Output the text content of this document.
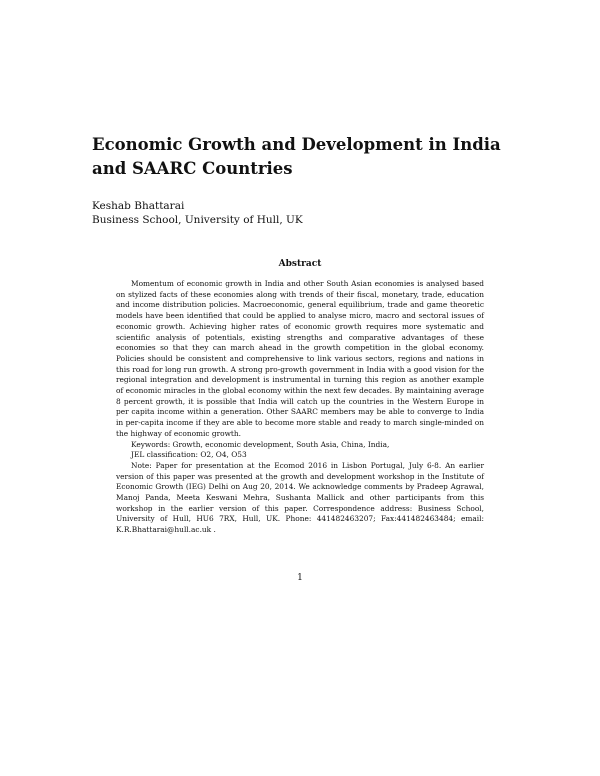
Economic Growth and Development in India and SAARC Countries
Keshab Bhattarai
Business School, University of Hull, UK
Abstract

Momentum of economic growth in India and other South Asian economies is analysed based on stylized facts of these economies along with trends of their fiscal, monetary, trade, education and income distribution policies. Macroeconomic, general equilibrium, trade and game theoretic models have been identified that could be applied to analyse micro, macro and sectoral issues of economic growth. Achieving higher rates of economic growth requires more systematic and scientific analysis of potentials, existing strengths and comparative advantages of these economies so that they can march ahead in the growth competition in the global economy. Policies should be consistent and comprehensive to link various sectors, regions and nations in this road for long run growth. A strong pro-growth government in India with a good vision for the regional integration and development is instrumental in turning this region as another example of economic miracles in the global economy within the next few decades. By maintaining average 8 percent growth, it is possible that India will catch up the countries in the Western Europe in per capita income within a generation. Other SAARC members may be able to converge to India in per-capita income if they are able to become more stable and ready to march single-minded on the highway of economic growth.

Keywords: Growth, economic development, South Asia, China, India,

JEL classification: O2, O4, O53

Note: Paper for presentation at the Ecomod 2016 in Lisbon Portugal, July 6-8. An earlier version of this paper was presented at the growth and development workshop in the Institute of Economic Growth (IEG) Delhi on Aug 20, 2014. We acknowledge comments by Pradeep Agrawal, Manoj Panda, Meeta Keswani Mehra, Sushanta Mallick and other participants from this workshop in the earlier version of this paper. Correspondence address: Business School, University of Hull, HU6 7RX, Hull, UK. Phone: 441482463207; Fax:441482463484; email: K.R.Bhattarai@hull.ac.uk .

1
